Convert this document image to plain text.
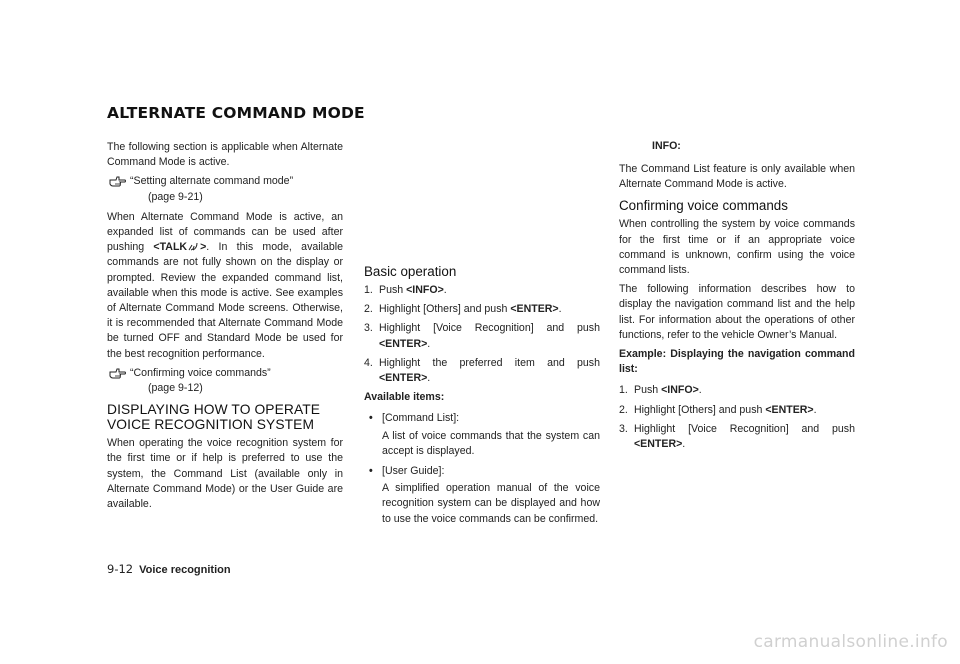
ALTERNATE COMMAND MODE

The following section is applicable when Alternate Command Mode is active.

“Setting alternate command mode”
(page 9-21)

When Alternate Command Mode is active, an expanded list of commands can be used after pushing <TALK >. In this mode, available commands are not fully shown on the display or prompted. Review the expanded command list, available when this mode is active. See examples of Alternate Command Mode screens. Otherwise, it is recommended that Alternate Command Mode be turned OFF and Standard Mode be used for the best recognition performance.

“Confirming voice commands”
(page 9-12)
DISPLAYING HOW TO OPERATE VOICE RECOGNITION SYSTEM

When operating the voice recognition system for the first time or if help is preferred to use the system, the Command List (available only in Alternate Command Mode) or the User Guide are available.

Basic operation
1. Push <INFO>.
2. Highlight [Others] and push <ENTER>.
3. Highlight [Voice Recognition] and push <ENTER>.
4. Highlight the preferred item and push <ENTER>.

Available items:

• [Command List]:
A list of voice commands that the system can accept is displayed.
• [User Guide]:
A simplified operation manual of the voice recognition system can be displayed and how to use the voice commands can be confirmed.
INFO:

The Command List feature is only available when Alternate Command Mode is active.

Confirming voice commands

When controlling the system by voice commands for the first time or if an appropriate voice command is unknown, confirm using the voice command lists.

The following information describes how to display the navigation command list and the help list. For information about the operations of other functions, refer to the vehicle Owner’s Manual.

Example: Displaying the navigation command list:

1. Push <INFO>.
2. Highlight [Others] and push <ENTER>.
3. Highlight [Voice Recognition] and push <ENTER>.
9-12 Voice recognition
carmanualsonline.info
